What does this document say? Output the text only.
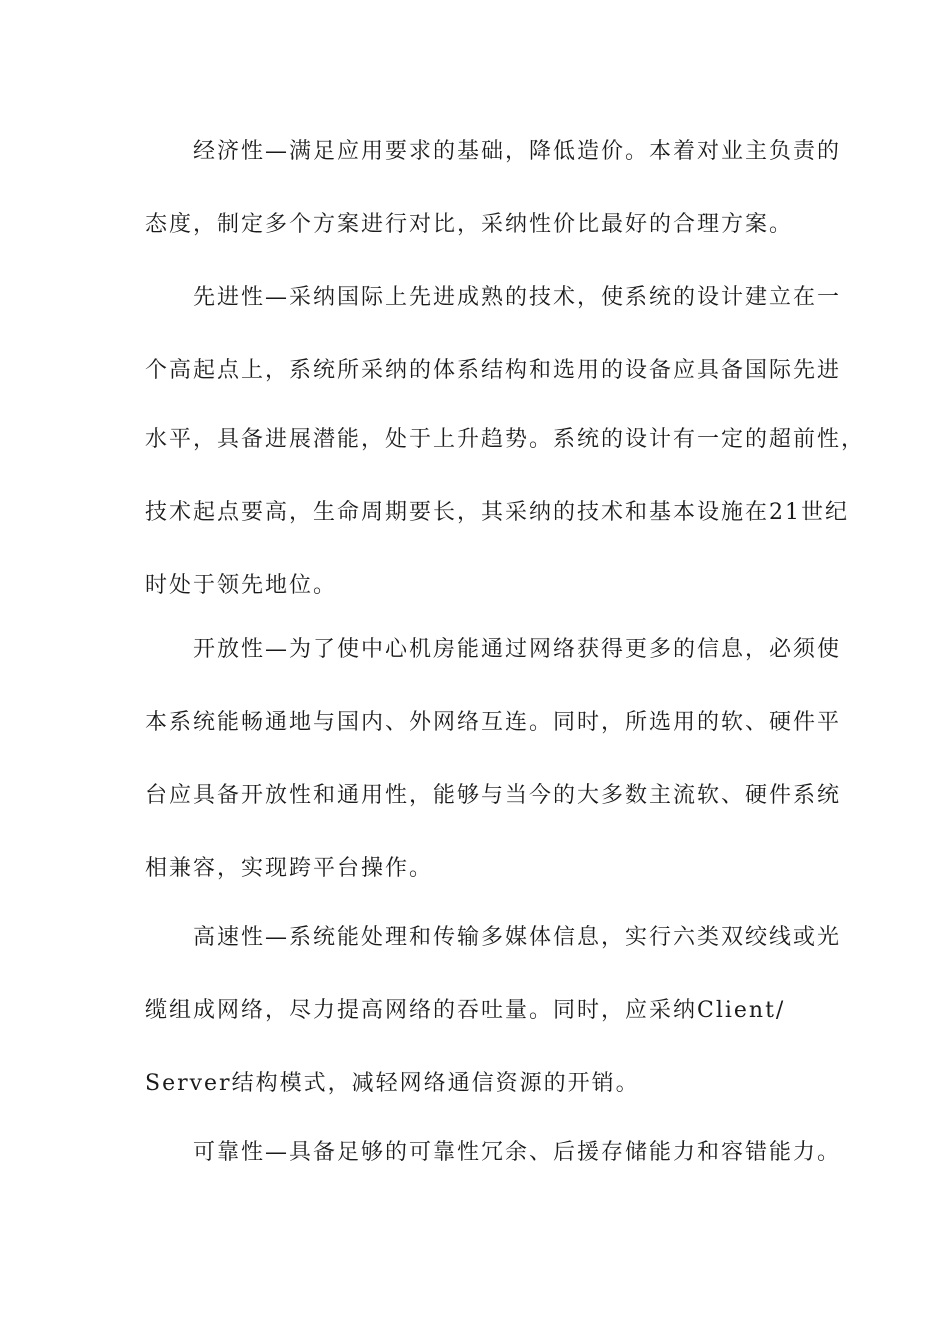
经济性—满足应用要求的基础，降低造价。本着对业主负责的
态度，制定多个方案进行对比，采纳性价比最好的合理方案。
先进性—采纳国际上先进成熟的技术，使系统的设计建立在一
个高起点上，系统所采纳的体系结构和选用的设备应具备国际先进
水平，具备进展潜能，处于上升趋势。系统的设计有一定的超前性，
技术起点要高，生命周期要长，其采纳的技术和基本设施在21世纪
时处于领先地位。
开放性—为了使中心机房能通过网络获得更多的信息，必须使
本系统能畅通地与国内、外网络互连。同时，所选用的软、硬件平
台应具备开放性和通用性，能够与当今的大多数主流软、硬件系统
相兼容，实现跨平台操作。
高速性—系统能处理和传输多媒体信息，实行六类双绞线或光
缆组成网络，尽力提高网络的吞吐量。同时，应采纳Client/
Server结构模式，减轻网络通信资源的开销。
可靠性—具备足够的可靠性冗余、后援存储能力和容错能力。
